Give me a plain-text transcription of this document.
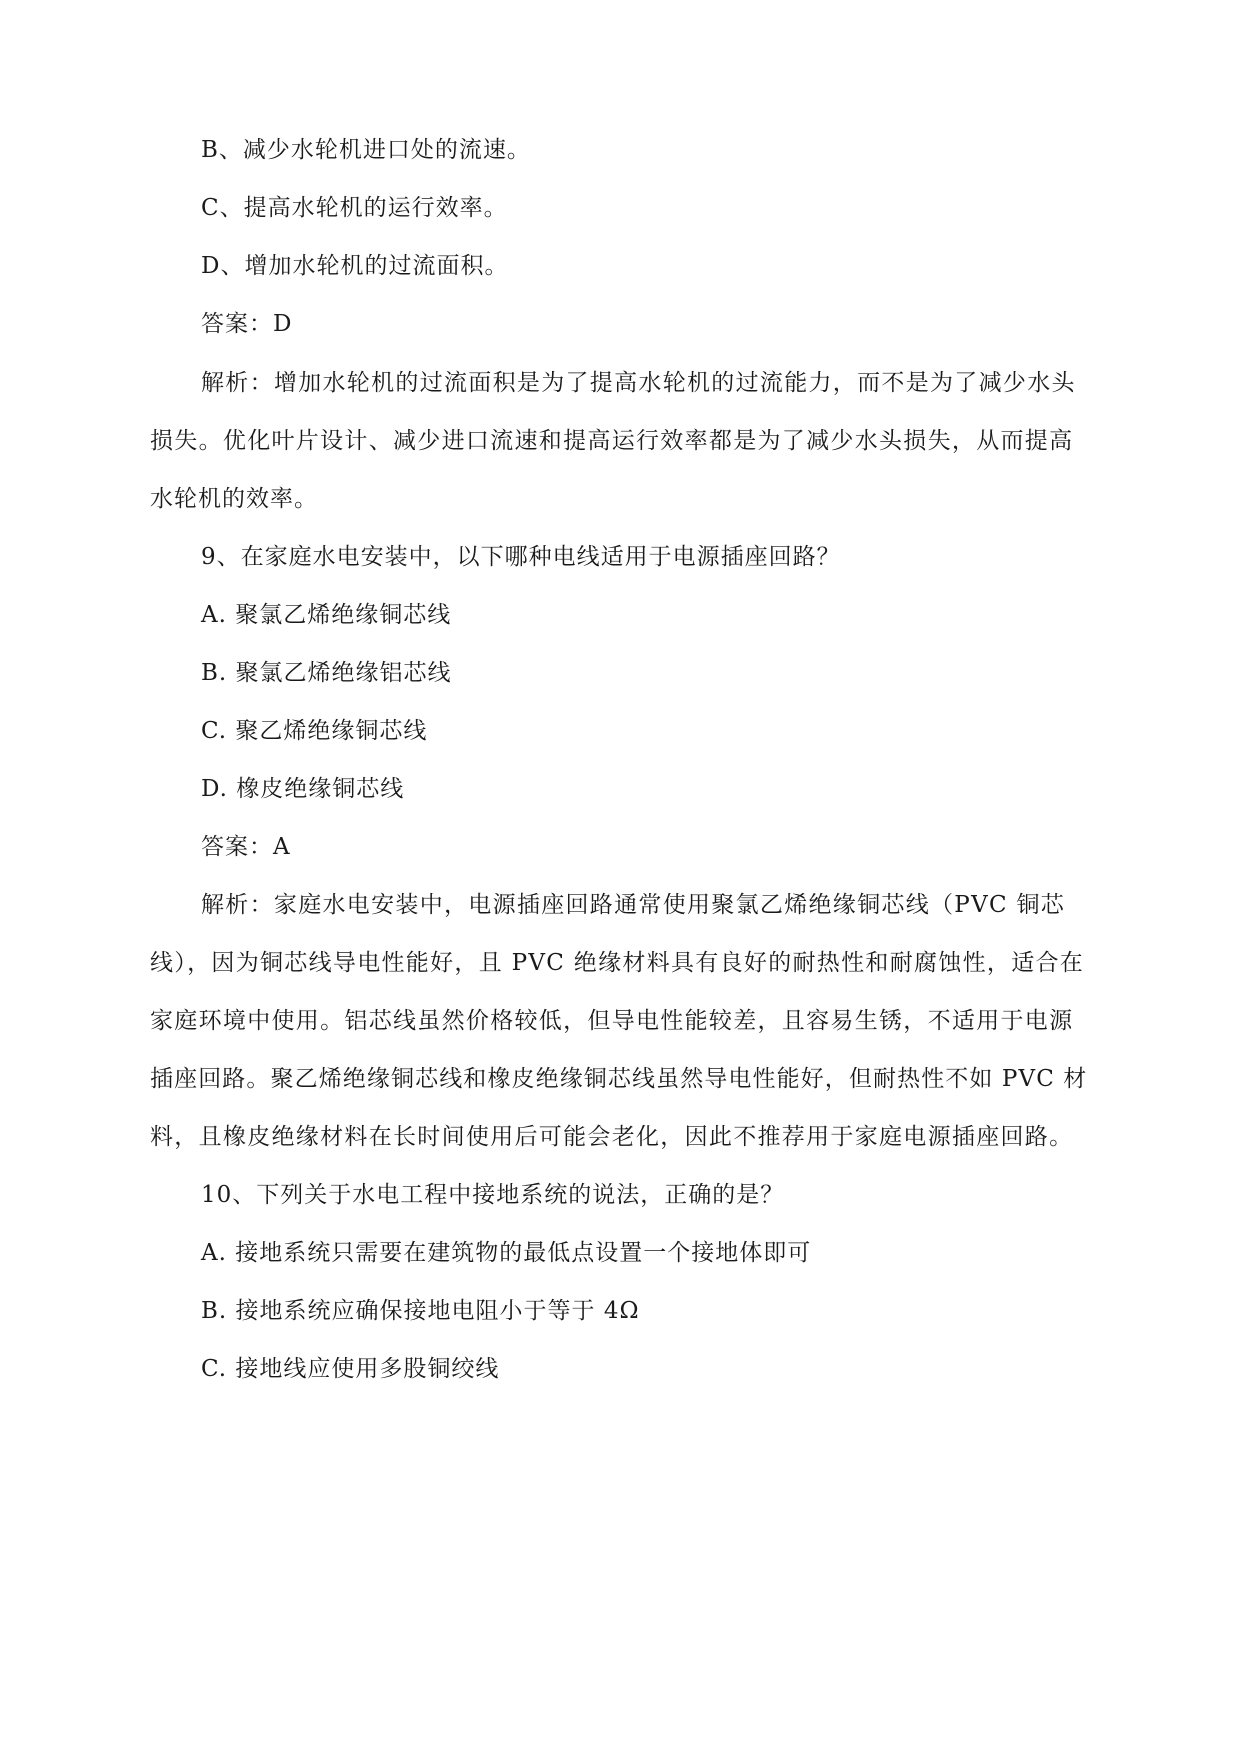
B、减少水轮机进口处的流速。
C、提高水轮机的运行效率。
D、增加水轮机的过流面积。
答案：D
解析：增加水轮机的过流面积是为了提高水轮机的过流能力，而不是为了减少水头
损失。优化叶片设计、减少进口流速和提高运行效率都是为了减少水头损失，从而提高
水轮机的效率。
9、在家庭水电安装中，以下哪种电线适用于电源插座回路？
A. 聚氯乙烯绝缘铜芯线
B. 聚氯乙烯绝缘铝芯线
C. 聚乙烯绝缘铜芯线
D. 橡皮绝缘铜芯线
答案：A
解析：家庭水电安装中，电源插座回路通常使用聚氯乙烯绝缘铜芯线（PVC 铜芯
线），因为铜芯线导电性能好，且 PVC 绝缘材料具有良好的耐热性和耐腐蚀性，适合在
家庭环境中使用。铝芯线虽然价格较低，但导电性能较差，且容易生锈，不适用于电源
插座回路。聚乙烯绝缘铜芯线和橡皮绝缘铜芯线虽然导电性能好，但耐热性不如 PVC 材
料，且橡皮绝缘材料在长时间使用后可能会老化，因此不推荐用于家庭电源插座回路。
10、下列关于水电工程中接地系统的说法，正确的是？
A. 接地系统只需要在建筑物的最低点设置一个接地体即可
B. 接地系统应确保接地电阻小于等于 4Ω
C. 接地线应使用多股铜绞线
